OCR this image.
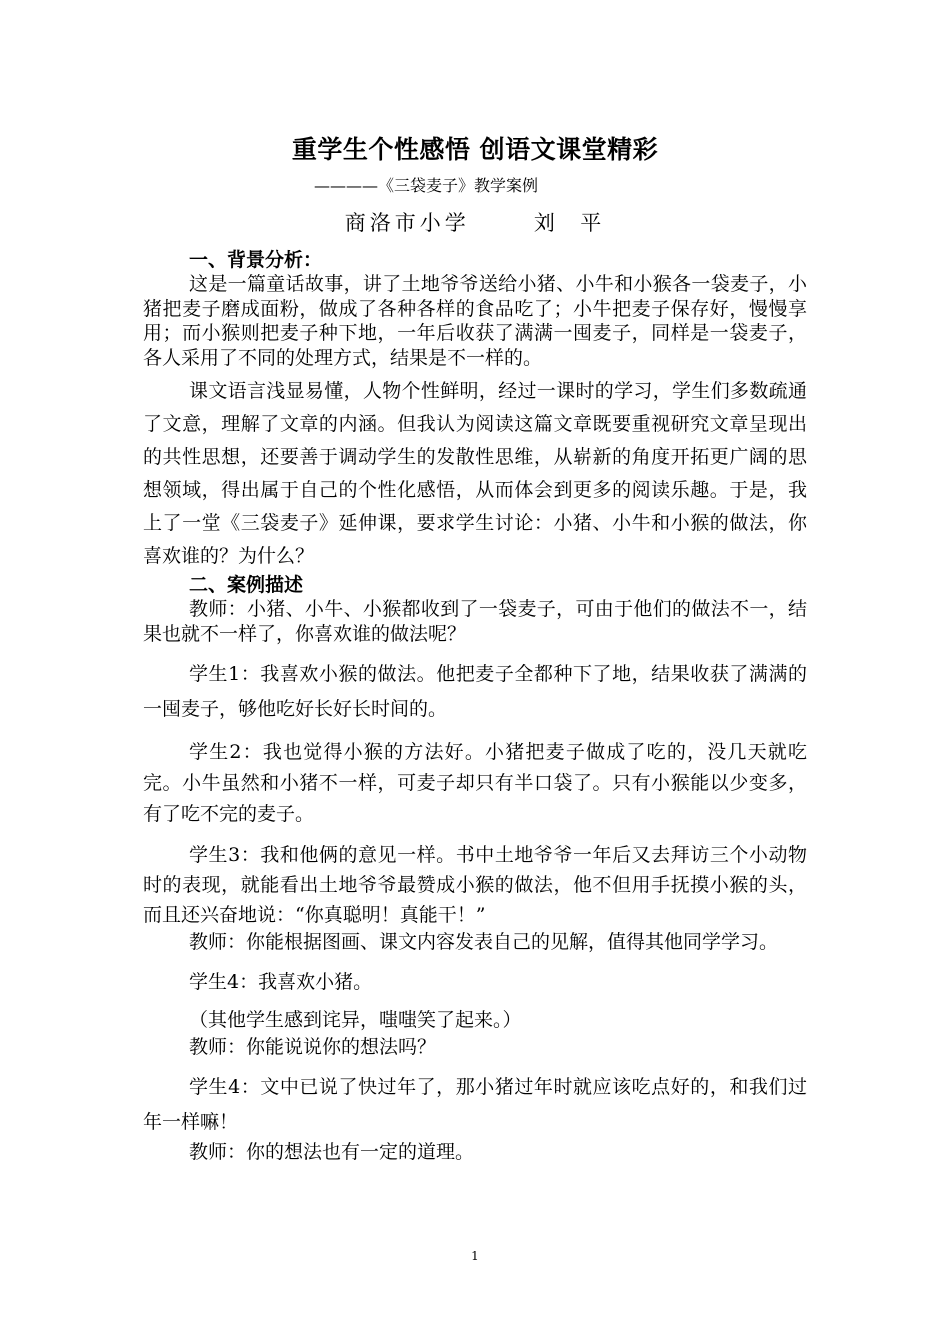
重学生个性感悟 创语文课堂精彩
————《三袋麦子》教学案例
商洛市小学      刘  平

一、背景分析：

这是一篇童话故事，讲了土地爷爷送给小猪、小牛和小猴各一袋麦子，小猪把麦子磨成面粉，做成了各种各样的食品吃了；小牛把麦子保存好，慢慢享用；而小猴则把麦子种下地，一年后收获了满满一囤麦子，同样是一袋麦子，各人采用了不同的处理方式，结果是不一样的。

课文语言浅显易懂，人物个性鲜明，经过一课时的学习，学生们多数疏通了文意，理解了文章的内涵。但我认为阅读这篇文章既要重视研究文章呈现出的共性思想，还要善于调动学生的发散性思维，从崭新的角度开拓更广阔的思想领域，得出属于自己的个性化感悟，从而体会到更多的阅读乐趣。于是，我上了一堂《三袋麦子》延伸课，要求学生讨论：小猪、小牛和小猴的做法，你喜欢谁的？为什么？

二、案例描述

教师：小猪、小牛、小猴都收到了一袋麦子，可由于他们的做法不一，结果也就不一样了，你喜欢谁的做法呢？

学生1：我喜欢小猴的做法。他把麦子全都种下了地，结果收获了满满的一囤麦子，够他吃好长好长时间的。

学生2：我也觉得小猴的方法好。小猪把麦子做成了吃的，没几天就吃完。小牛虽然和小猪不一样，可麦子却只有半口袋了。只有小猴能以少变多，有了吃不完的麦子。

学生3：我和他俩的意见一样。书中土地爷爷一年后又去拜访三个小动物时的表现，就能看出土地爷爷最赞成小猴的做法，他不但用手抚摸小猴的头，而且还兴奋地说：“你真聪明！真能干！”

教师：你能根据图画、课文内容发表自己的见解，值得其他同学学习。

学生4：我喜欢小猪。

（其他学生感到诧异，嗤嗤笑了起来。）

教师：你能说说你的想法吗？

学生4：文中已说了快过年了，那小猪过年时就应该吃点好的，和我们过年一样嘛！

教师：你的想法也有一定的道理。

1
